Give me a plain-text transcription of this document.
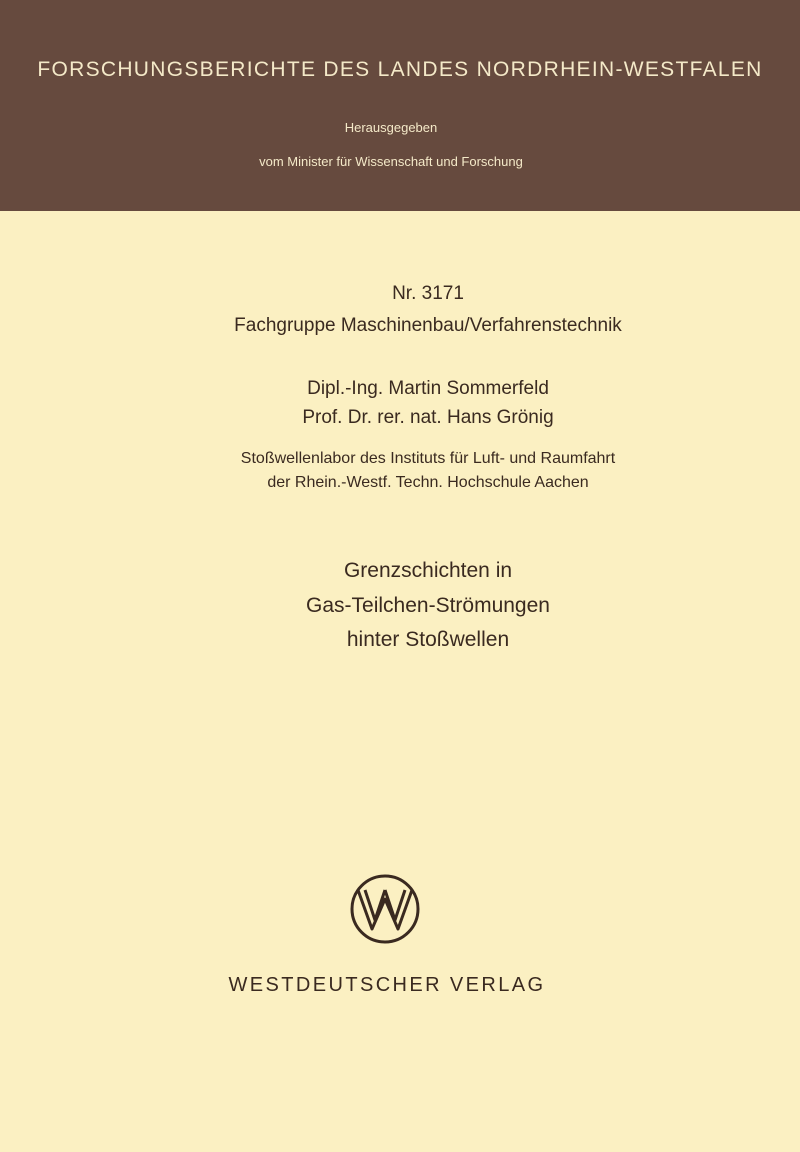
FORSCHUNGSBERICHTE DES LANDES NORDRHEIN-WESTFALEN
Herausgegeben
vom Minister für Wissenschaft und Forschung
Nr. 3171
Fachgruppe Maschinenbau/Verfahrenstechnik
Dipl.-Ing. Martin Sommerfeld
Prof. Dr. rer. nat. Hans Grönig
Stoßwellenlabor des Instituts für Luft- und Raumfahrt
der Rhein.-Westf. Techn. Hochschule Aachen
Grenzschichten in
Gas-Teilchen-Strömungen
hinter Stoßwellen
WESTDEUTSCHER VERLAG
